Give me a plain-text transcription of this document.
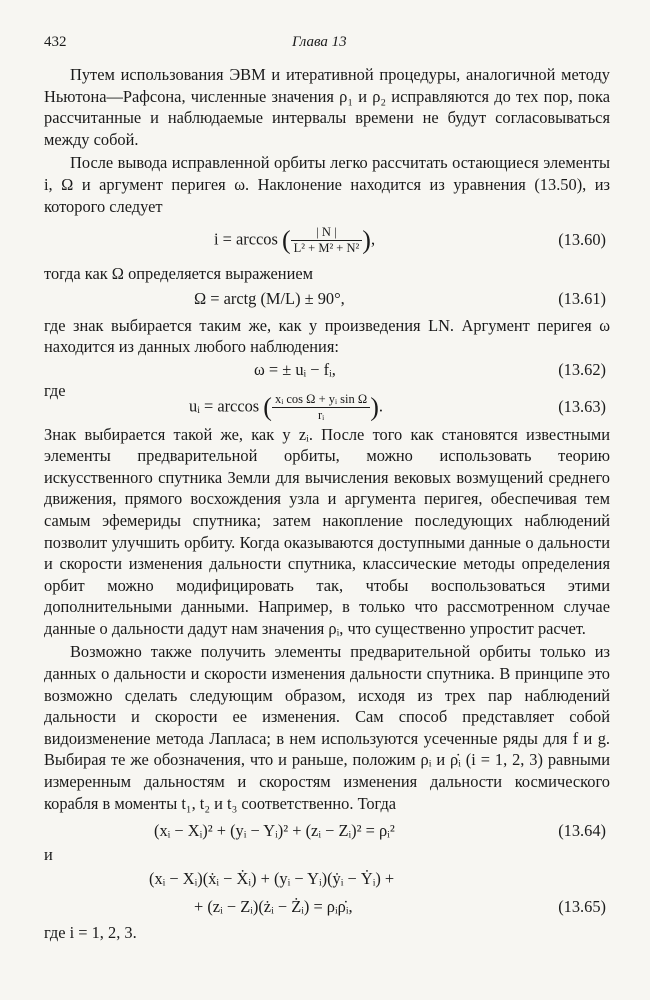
432	Глава 13

Путем использования ЭВМ и итеративной процедуры, аналогичной методу Ньютона—Рафсона, численные значения ρ₁ и ρ₂ исправляются до тех пор, пока рассчитанные и наблюдаемые интервалы времени не будут согласовываться между собой.

После вывода исправленной орбиты легко рассчитать остающиеся элементы i, Ω и аргумент перигея ω. Наклонение находится из уравнения (13.50), из которого следует

i = arccos ( $\frac{| N |}{\text{L² + M² + N²}}$ ),	(13.60)

тогда как Ω определяется выражением

Ω = arctg (M/L) ± 90°,	(13.61)

где знак выбирается таким же, как у произведения LN. Аргумент перигея ω находится из данных любого наблюдения:

ω = ± uᵢ − fᵢ,	(13.62)

где

uᵢ = arccos ( $\frac{\text{xᵢ cos Ω + yᵢ sin Ω}}{\text{rᵢ}}$ ).	(13.63)

Знак выбирается такой же, как у zᵢ. После того как становятся известными элементы предварительной орбиты, можно использовать теорию искусственного спутника Земли для вычисления вековых возмущений среднего движения, прямого восхождения узла и аргумента перигея, обеспечивая тем самым эфемериды спутника; затем накопление последующих наблюдений позволит улучшить орбиту. Когда оказываются доступными данные о дальности и скорости изменения дальности спутника, классические методы определения орбит можно модифицировать так, чтобы воспользоваться этими дополнительными данными. Например, в только что рассмотренном случае данные о дальности дадут нам значения ρᵢ, что существенно упростит расчет.

Возможно также получить элементы предварительной орбиты только из данных о дальности и скорости изменения дальности спутника. В принципе это возможно сделать следующим образом, исходя из трех пар наблюдений дальности и скорости ее изменения. Сам способ представляет собой видоизменение метода Лапласа; в нем используются усеченные ряды для f и g. Выбирая те же обозначения, что и раньше, положим ρᵢ и ρ̇ᵢ (i = 1, 2, 3) равными измеренным дальностям и скоростям изменения дальности космического корабля в моменты t₁, t₂ и t₃ соответственно. Тогда

(xᵢ − Xᵢ)² + (yᵢ − Yᵢ)² + (zᵢ − Zᵢ)² = ρᵢ²	(13.64)

и

(xᵢ − Xᵢ)(ẋᵢ − Ẋᵢ) + (yᵢ − Yᵢ)(ẏᵢ − Ẏᵢ) +
+ (zᵢ − Zᵢ)(żᵢ − Żᵢ) = ρᵢρ̇ᵢ,	(13.65)

где i = 1, 2, 3.
